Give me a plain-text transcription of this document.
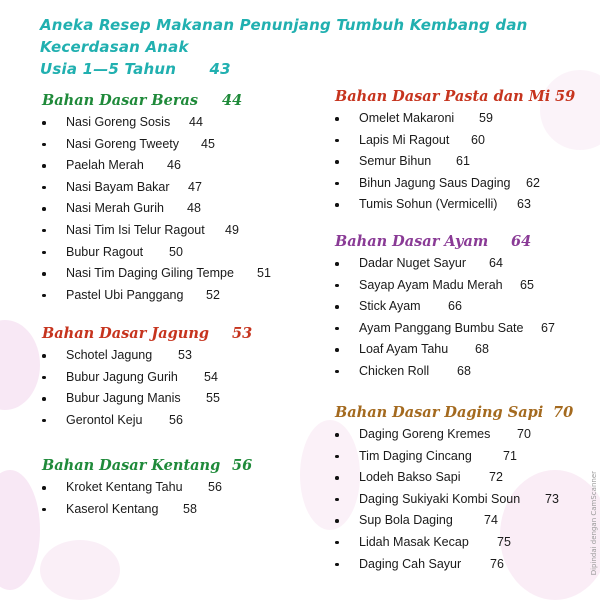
Aneka Resep Makanan Penunjang Tumbuh Kembang dan Kecerdasan Anak
Usia 1—5 Tahun 43
Bahan Dasar Beras 44
Nasi Goreng Sosis 44
Nasi Goreng Tweety 45
Paelah Merah 46
Nasi Bayam Bakar 47
Nasi Merah Gurih 48
Nasi Tim Isi Telur Ragout 49
Bubur Ragout 50
Nasi Tim Daging Giling Tempe 51
Pastel Ubi Panggang 52
Bahan Dasar Jagung 53
Schotel Jagung 53
Bubur Jagung Gurih 54
Bubur Jagung Manis 55
Gerontol Keju 56
Bahan Dasar Kentang 56
Kroket Kentang Tahu 56
Kaserol Kentang 58
Bahan Dasar Pasta dan Mi 59
Omelet Makaroni 59
Lapis Mi Ragout 60
Semur Bihun 61
Bihun Jagung Saus Daging 62
Tumis Sohun (Vermicelli) 63
Bahan Dasar Ayam 64
Dadar Nuget Sayur 64
Sayap Ayam Madu Merah 65
Stick Ayam 66
Ayam Panggang Bumbu Sate 67
Loaf Ayam Tahu 68
Chicken Roll 68
Bahan Dasar Daging Sapi 70
Daging Goreng Kremes 70
Tim Daging Cincang 71
Lodeh Bakso Sapi 72
Daging Sukiyaki Kombi Soun 73
Sup Bola Daging 74
Lidah Masak Kecap 75
Daging Cah Sayur 76	Dipindai dengan CamScanner
